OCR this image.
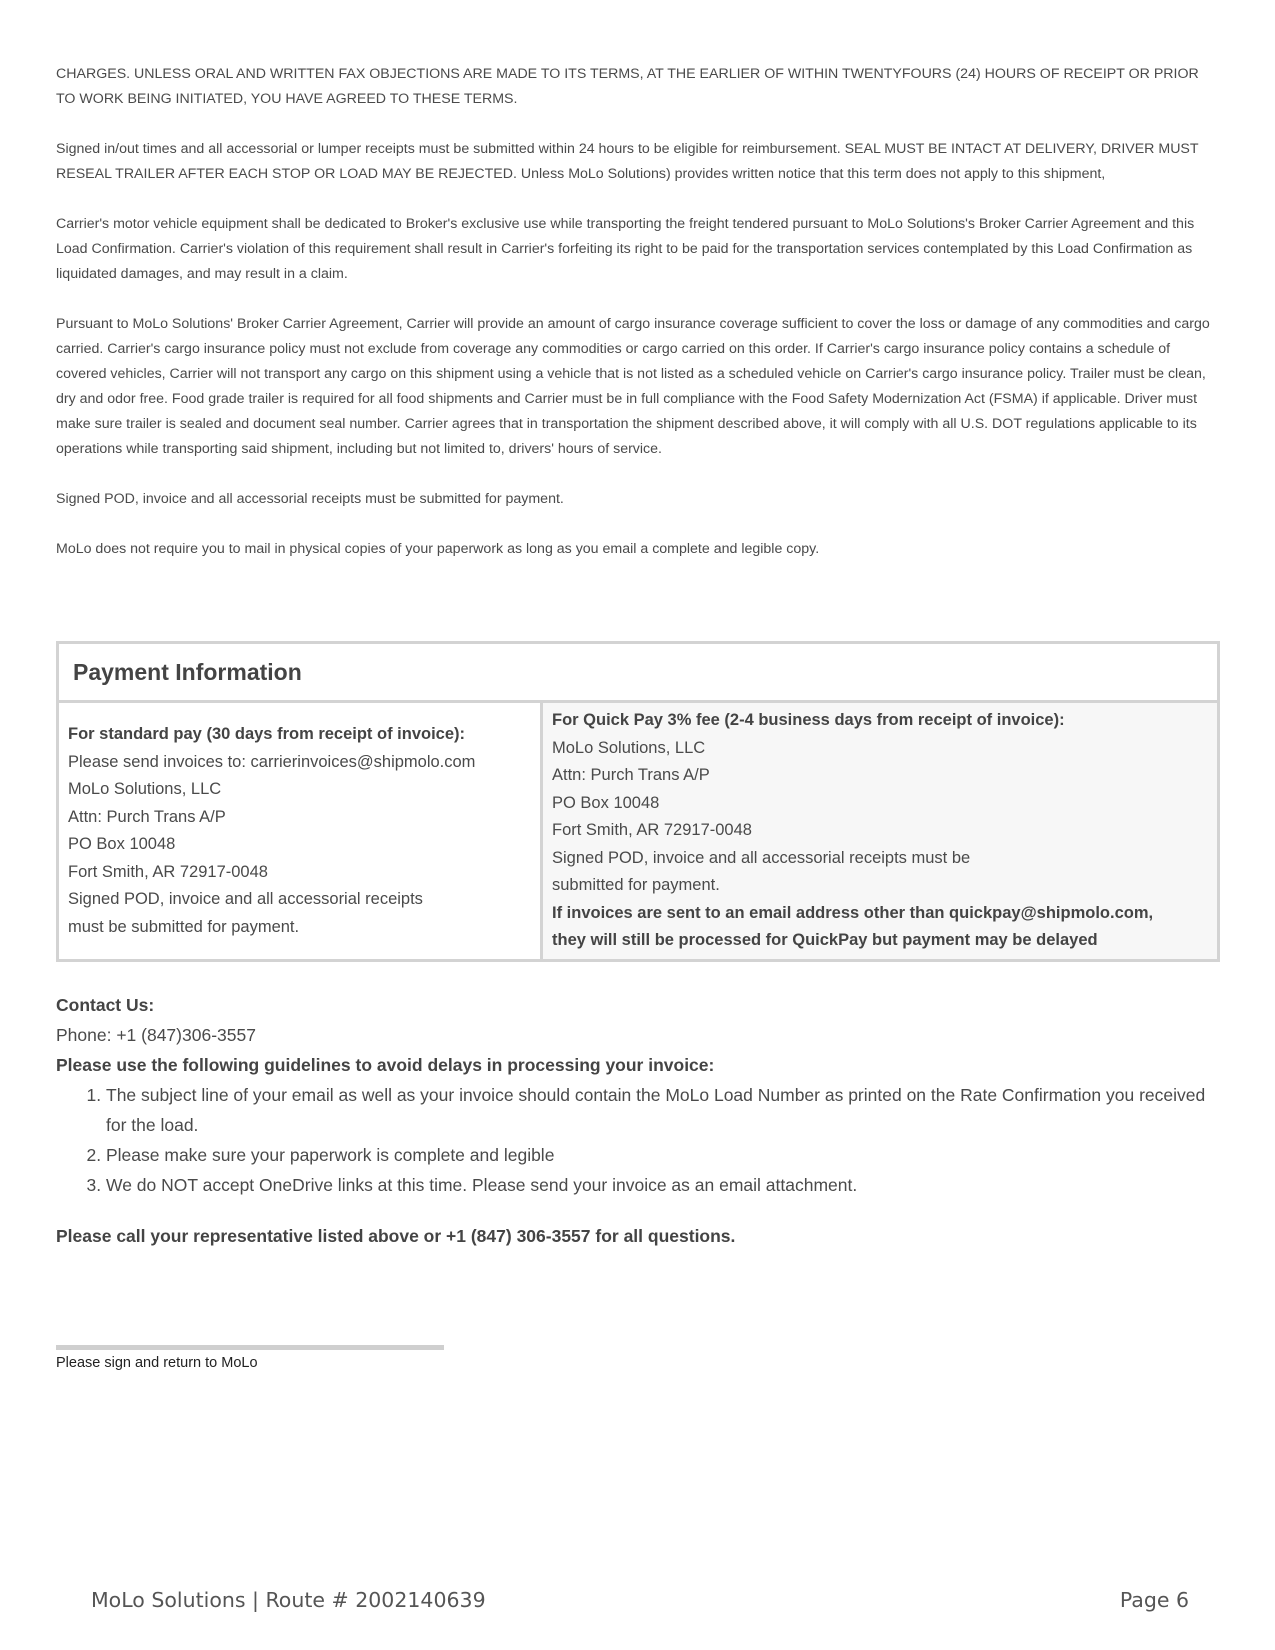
CHARGES. UNLESS ORAL AND WRITTEN FAX OBJECTIONS ARE MADE TO ITS TERMS, AT THE EARLIER OF WITHIN TWENTYFOURS (24) HOURS OF RECEIPT OR PRIOR TO WORK BEING INITIATED, YOU HAVE AGREED TO THESE TERMS.

Signed in/out times and all accessorial or lumper receipts must be submitted within 24 hours to be eligible for reimbursement. SEAL MUST BE INTACT AT DELIVERY, DRIVER MUST RESEAL TRAILER AFTER EACH STOP OR LOAD MAY BE REJECTED. Unless MoLo Solutions) provides written notice that this term does not apply to this shipment,

Carrier's motor vehicle equipment shall be dedicated to Broker's exclusive use while transporting the freight tendered pursuant to MoLo Solutions's Broker Carrier Agreement and this Load Confirmation. Carrier's violation of this requirement shall result in Carrier's forfeiting its right to be paid for the transportation services contemplated by this Load Confirmation as liquidated damages, and may result in a claim.

Pursuant to MoLo Solutions' Broker Carrier Agreement, Carrier will provide an amount of cargo insurance coverage sufficient to cover the loss or damage of any commodities and cargo carried. Carrier's cargo insurance policy must not exclude from coverage any commodities or cargo carried on this order. If Carrier's cargo insurance policy contains a schedule of covered vehicles, Carrier will not transport any cargo on this shipment using a vehicle that is not listed as a scheduled vehicle on Carrier's cargo insurance policy. Trailer must be clean, dry and odor free. Food grade trailer is required for all food shipments and Carrier must be in full compliance with the Food Safety Modernization Act (FSMA) if applicable. Driver must make sure trailer is sealed and document seal number. Carrier agrees that in transportation the shipment described above, it will comply with all U.S. DOT regulations applicable to its operations while transporting said shipment, including but not limited to, drivers' hours of service.

Signed POD, invoice and all accessorial receipts must be submitted for payment.

MoLo does not require you to mail in physical copies of your paperwork as long as you email a complete and legible copy.

Payment Information
For standard pay (30 days from receipt of invoice):
Please send invoices to: carrierinvoices@shipmolo.com
MoLo Solutions, LLC
Attn: Purch Trans A/P
PO Box 10048
Fort Smith, AR 72917-0048
Signed POD, invoice and all accessorial receipts
must be submitted for payment.
For Quick Pay 3% fee (2-4 business days from receipt of invoice):
MoLo Solutions, LLC
Attn: Purch Trans A/P
PO Box 10048
Fort Smith, AR 72917-0048
Signed POD, invoice and all accessorial receipts must be
submitted for payment.
If invoices are sent to an email address other than quickpay@shipmolo.com,
they will still be processed for QuickPay but payment may be delayed
Contact Us:
Phone: +1 (847)306-3557
Please use the following guidelines to avoid delays in processing your invoice:
1. The subject line of your email as well as your invoice should contain the MoLo Load Number as printed on the Rate Confirmation you received for the load.
2. Please make sure your paperwork is complete and legible
3. We do NOT accept OneDrive links at this time. Please send your invoice as an email attachment.
Please call your representative listed above or +1 (847) 306-3557 for all questions.
Please sign and return to MoLo
MoLo Solutions | Route # 2002140639	Page 6
